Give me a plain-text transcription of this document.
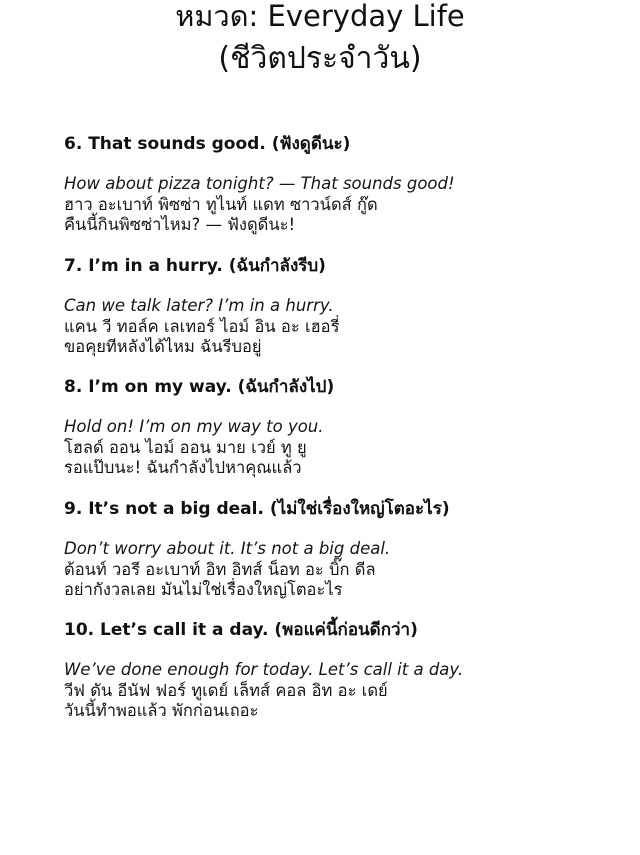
หมวด: Everyday Life
(ชีวิตประจำวัน)
6. That sounds good. (ฟังดูดีนะ)
How about pizza tonight? — That sounds good!
ฮาว อะเบาท์ พิซซ่า ทูไนท์ แดท ซาวน์ดส์ กู๊ด
คืนนี้กินพิซซ่าไหม? — ฟังดูดีนะ!
7. I’m in a hurry. (ฉันกำลังรีบ)
Can we talk later? I’m in a hurry.
แคน วี ทอล์ค เลเทอร์ ไอม์ อิน อะ เฮอรี่
ขอคุยทีหลังได้ไหม ฉันรีบอยู่
8. I’m on my way. (ฉันกำลังไป)
Hold on! I’m on my way to you.
โฮลด์ ออน ไอม์ ออน มาย เวย์ ทู ยู
รอแป๊บนะ! ฉันกำลังไปหาคุณแล้ว
9. It’s not a big deal. (ไม่ใช่เรื่องใหญ่โตอะไร)
Don’t worry about it. It’s not a big deal.
ด้อนท์ วอรี อะเบาท์ อิท อิทส์ น็อท อะ บิ๊ก ดีล
อย่ากังวลเลย มันไม่ใช่เรื่องใหญ่โตอะไร
10. Let’s call it a day. (พอแค่นี้ก่อนดีกว่า)
We’ve done enough for today. Let’s call it a day.
วีฟ ดัน อีนัฟ ฟอร์ ทูเดย์ เล็ทส์ คอล อิท อะ เดย์
วันนี้ทำพอแล้ว พักก่อนเถอะ
